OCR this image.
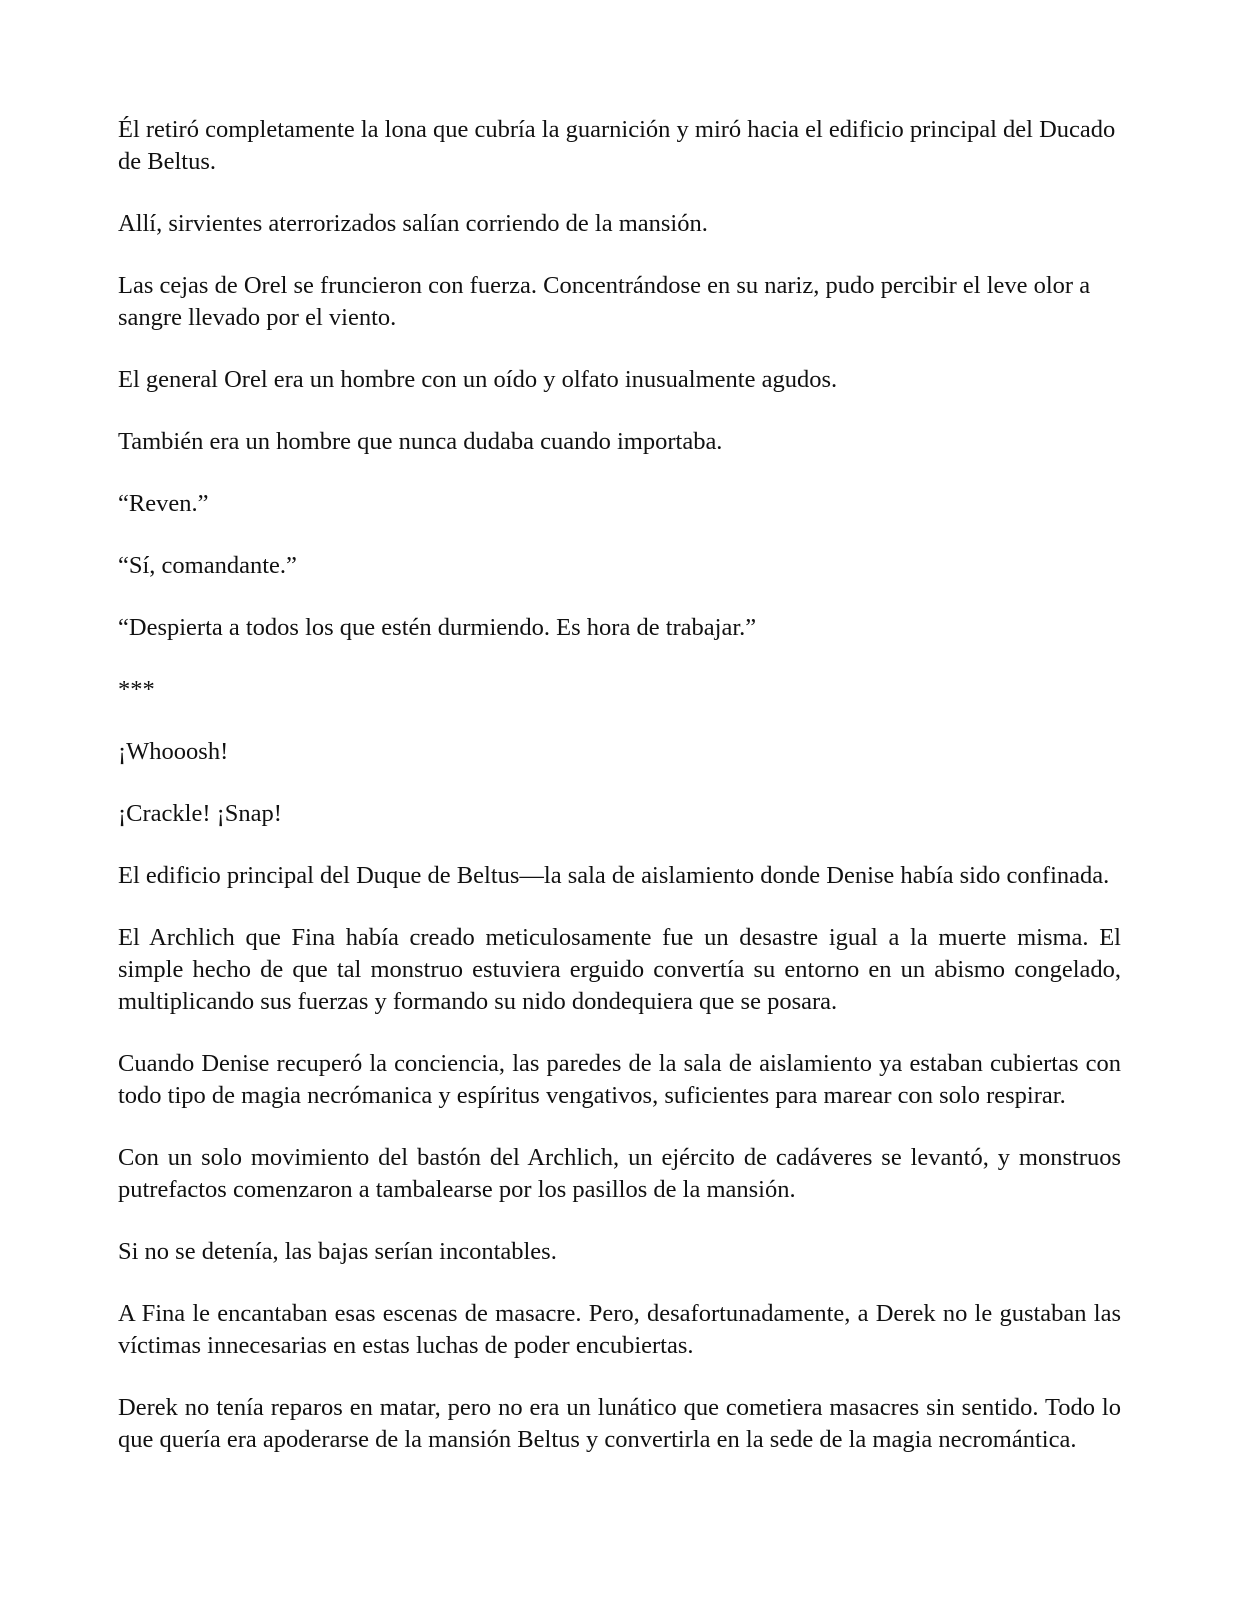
Él retiró completamente la lona que cubría la guarnición y miró hacia el edificio principal del Ducado de Beltus.

Allí, sirvientes aterrorizados salían corriendo de la mansión.

Las cejas de Orel se fruncieron con fuerza. Concentrándose en su nariz, pudo percibir el leve olor a sangre llevado por el viento.

El general Orel era un hombre con un oído y olfato inusualmente agudos.

También era un hombre que nunca dudaba cuando importaba.

“Reven.”

“Sí, comandante.”

“Despierta a todos los que estén durmiendo. Es hora de trabajar.”

***

¡Whooosh!

¡Crackle! ¡Snap!

El edificio principal del Duque de Beltus—la sala de aislamiento donde Denise había sido confinada.

El Archlich que Fina había creado meticulosamente fue un desastre igual a la muerte misma. El simple hecho de que tal monstruo estuviera erguido convertía su entorno en un abismo congelado, multiplicando sus fuerzas y formando su nido dondequiera que se posara.

Cuando Denise recuperó la conciencia, las paredes de la sala de aislamiento ya estaban cubiertas con todo tipo de magia necrómanica y espíritus vengativos, suficientes para marear con solo respirar.

Con un solo movimiento del bastón del Archlich, un ejército de cadáveres se levantó, y monstruos putrefactos comenzaron a tambalearse por los pasillos de la mansión.

Si no se detenía, las bajas serían incontables.

A Fina le encantaban esas escenas de masacre. Pero, desafortunadamente, a Derek no le gustaban las víctimas innecesarias en estas luchas de poder encubiertas.

Derek no tenía reparos en matar, pero no era un lunático que cometiera masacres sin sentido. Todo lo que quería era apoderarse de la mansión Beltus y convertirla en la sede de la magia necromántica.
